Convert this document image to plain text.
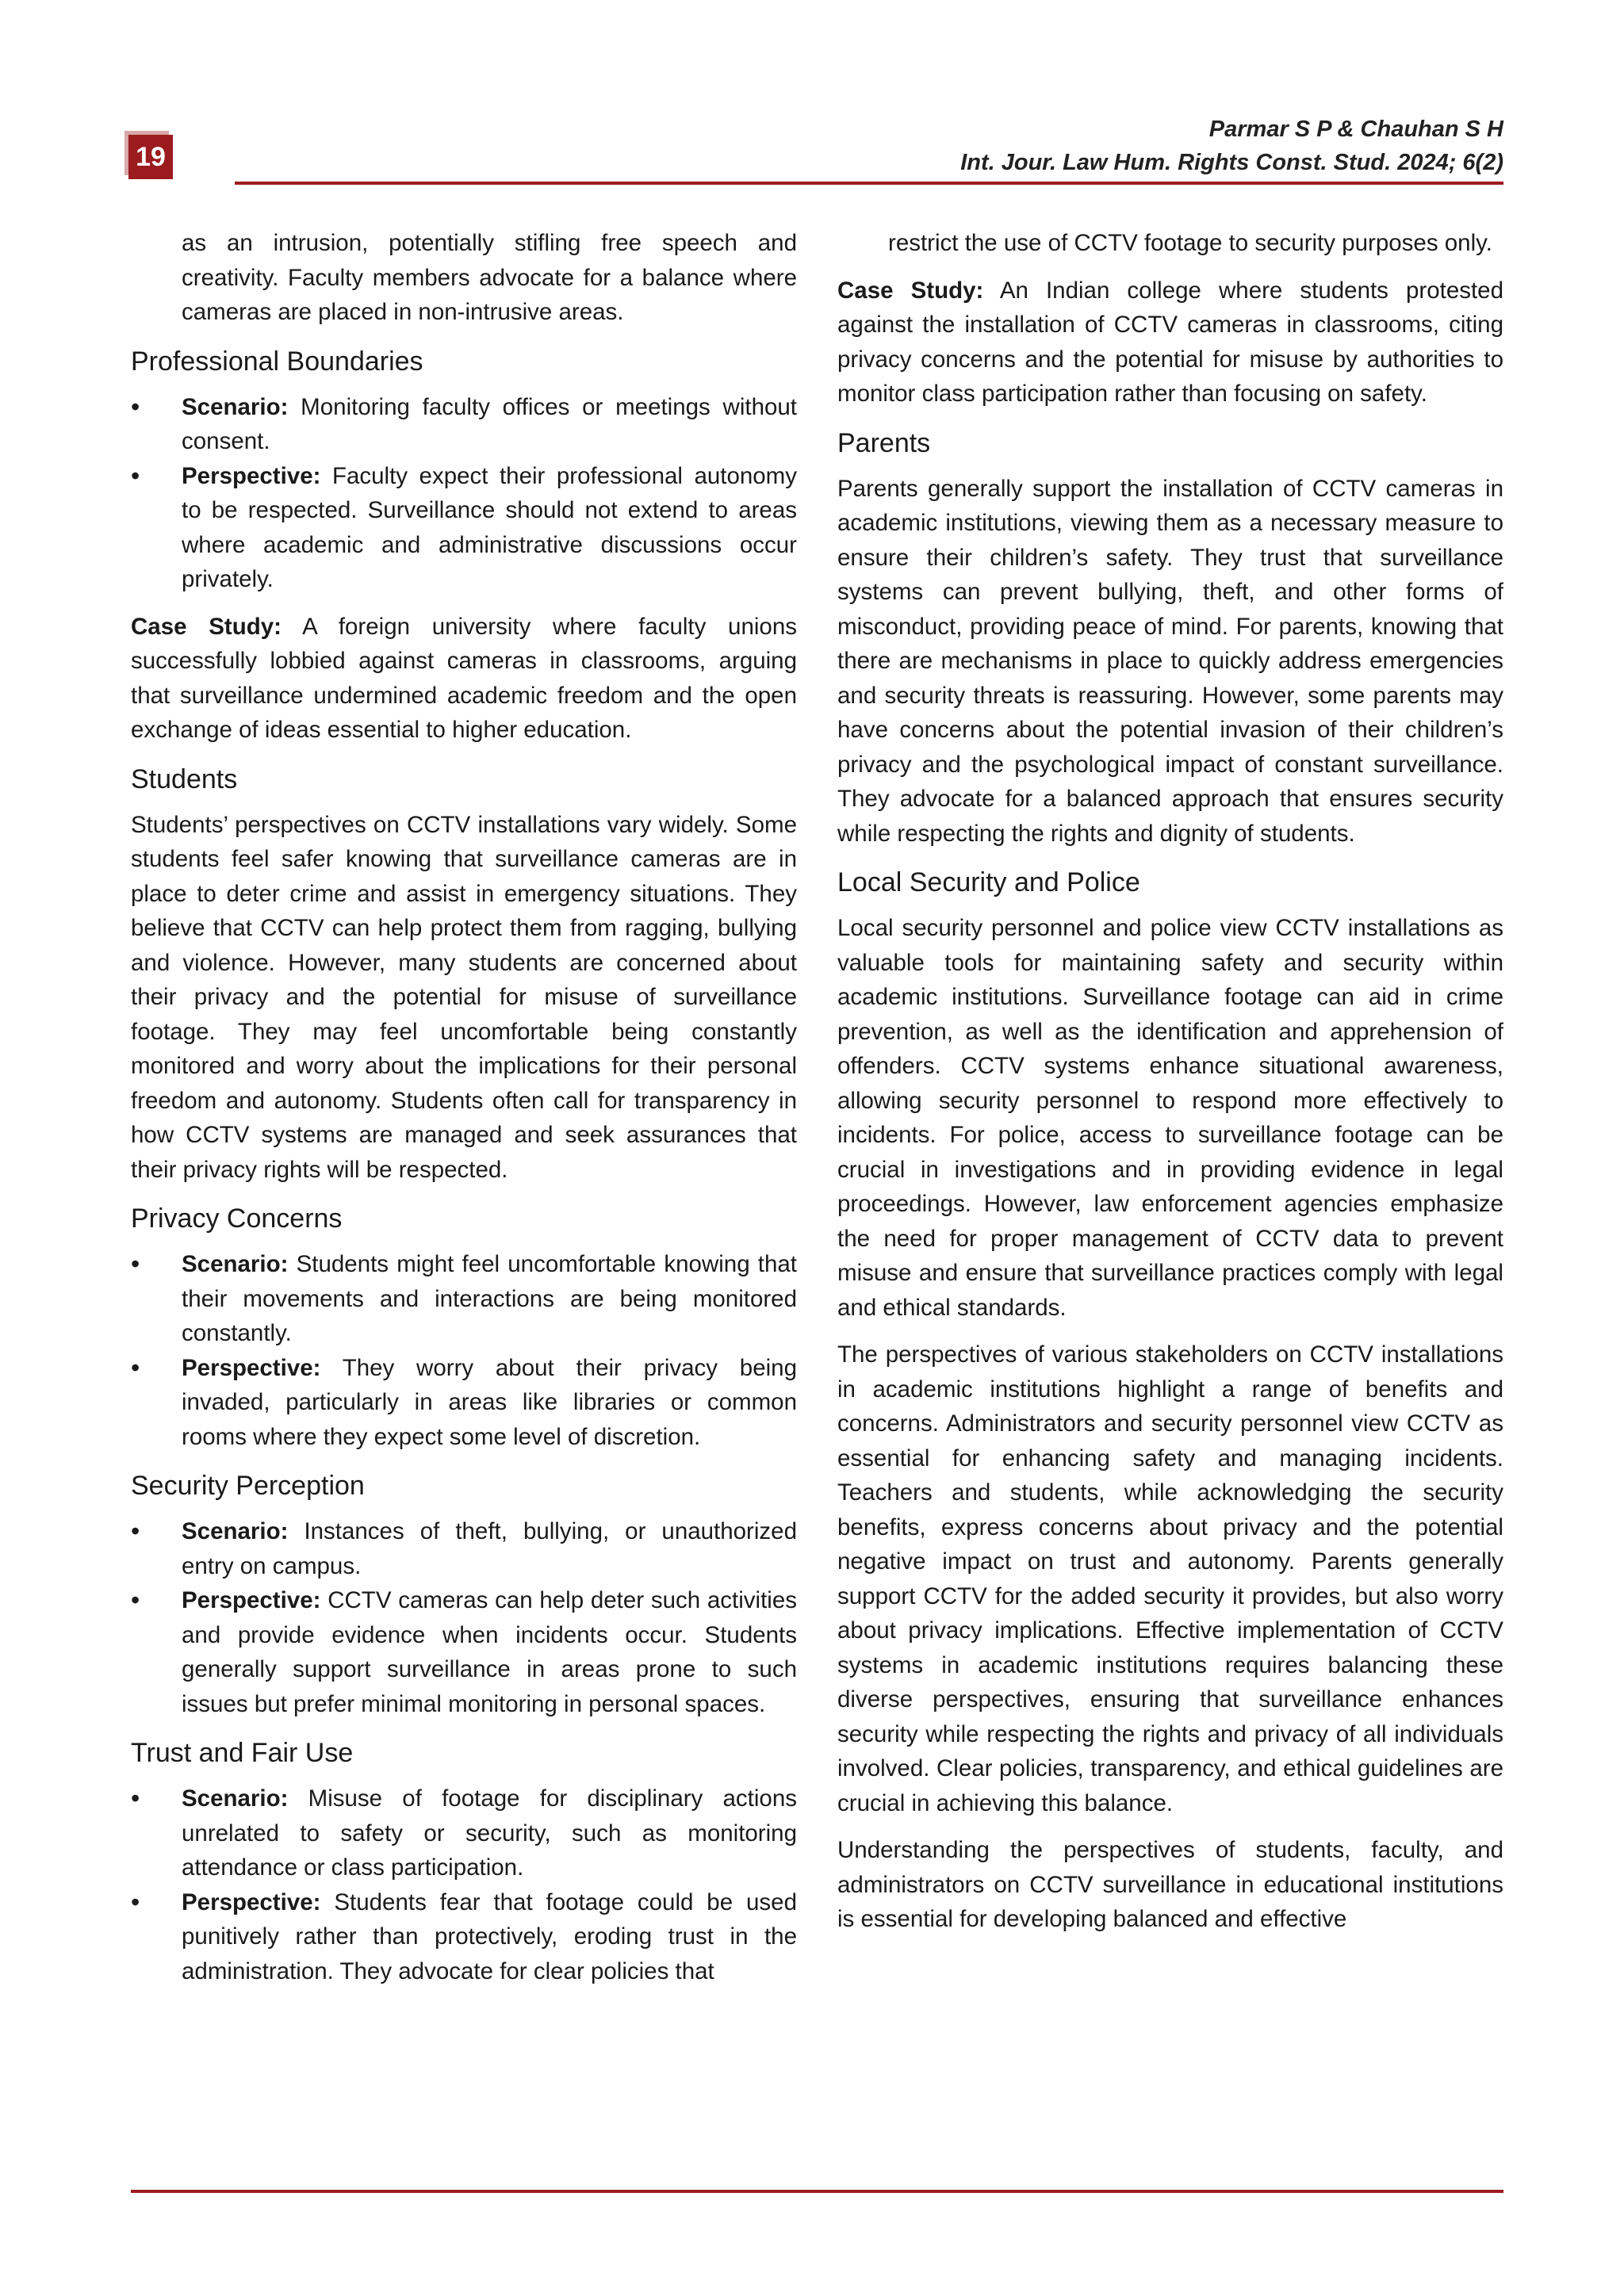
19
Parmar S P & Chauhan S H
Int. Jour. Law Hum. Rights Const. Stud. 2024; 6(2)

as an intrusion, potentially stifling free speech and creativity. Faculty members advocate for a balance where cameras are placed in non-intrusive areas.

Professional Boundaries
• Scenario: Monitoring faculty offices or meetings without consent.
• Perspective: Faculty expect their professional autonomy to be respected. Surveillance should not extend to areas where academic and administrative discussions occur privately.

Case Study: A foreign university where faculty unions successfully lobbied against cameras in classrooms, arguing that surveillance undermined academic freedom and the open exchange of ideas essential to higher education.

Students

Students’ perspectives on CCTV installations vary widely. Some students feel safer knowing that surveillance cameras are in place to deter crime and assist in emergency situations. They believe that CCTV can help protect them from ragging, bullying and violence. However, many students are concerned about their privacy and the potential for misuse of surveillance footage. They may feel uncomfortable being constantly monitored and worry about the implications for their personal freedom and autonomy. Students often call for transparency in how CCTV systems are managed and seek assurances that their privacy rights will be respected.

Privacy Concerns
• Scenario: Students might feel uncomfortable knowing that their movements and interactions are being monitored constantly.
• Perspective: They worry about their privacy being invaded, particularly in areas like libraries or common rooms where they expect some level of discretion.
Security Perception
• Scenario: Instances of theft, bullying, or unauthorized entry on campus.
• Perspective: CCTV cameras can help deter such activities and provide evidence when incidents occur. Students generally support surveillance in areas prone to such issues but prefer minimal monitoring in personal spaces.
Trust and Fair Use
• Scenario: Misuse of footage for disciplinary actions unrelated to safety or security, such as monitoring attendance or class participation.
• Perspective: Students fear that footage could be used punitively rather than protectively, eroding trust in the administration. They advocate for clear policies that

restrict the use of CCTV footage to security purposes only.

Case Study: An Indian college where students protested against the installation of CCTV cameras in classrooms, citing privacy concerns and the potential for misuse by authorities to monitor class participation rather than focusing on safety.

Parents

Parents generally support the installation of CCTV cameras in academic institutions, viewing them as a necessary measure to ensure their children’s safety. They trust that surveillance systems can prevent bullying, theft, and other forms of misconduct, providing peace of mind. For parents, knowing that there are mechanisms in place to quickly address emergencies and security threats is reassuring. However, some parents may have concerns about the potential invasion of their children’s privacy and the psychological impact of constant surveillance. They advocate for a balanced approach that ensures security while respecting the rights and dignity of students.

Local Security and Police

Local security personnel and police view CCTV installations as valuable tools for maintaining safety and security within academic institutions. Surveillance footage can aid in crime prevention, as well as the identification and apprehension of offenders. CCTV systems enhance situational awareness, allowing security personnel to respond more effectively to incidents. For police, access to surveillance footage can be crucial in investigations and in providing evidence in legal proceedings. However, law enforcement agencies emphasize the need for proper management of CCTV data to prevent misuse and ensure that surveillance practices comply with legal and ethical standards.

The perspectives of various stakeholders on CCTV installations in academic institutions highlight a range of benefits and concerns. Administrators and security personnel view CCTV as essential for enhancing safety and managing incidents. Teachers and students, while acknowledging the security benefits, express concerns about privacy and the potential negative impact on trust and autonomy. Parents generally support CCTV for the added security it provides, but also worry about privacy implications. Effective implementation of CCTV systems in academic institutions requires balancing these diverse perspectives, ensuring that surveillance enhances security while respecting the rights and privacy of all individuals involved. Clear policies, transparency, and ethical guidelines are crucial in achieving this balance.

Understanding the perspectives of students, faculty, and administrators on CCTV surveillance in educational institutions is essential for developing balanced and effective
